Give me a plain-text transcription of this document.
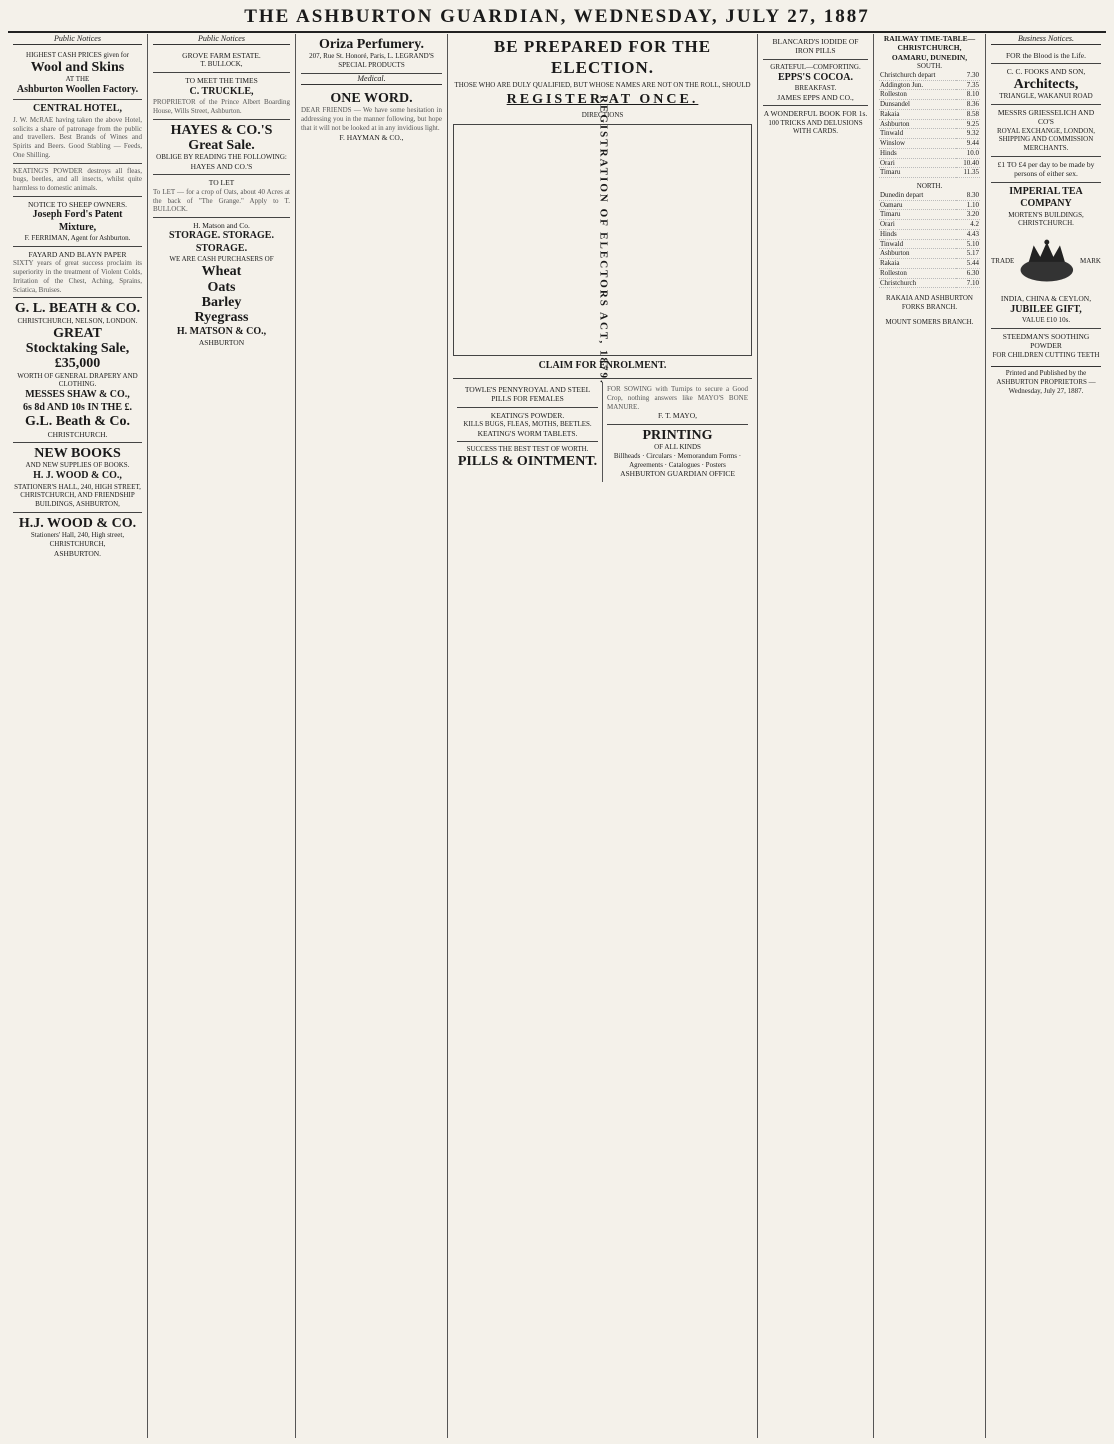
THE ASHBURTON GUARDIAN, WEDNESDAY, JULY 27, 1887
Public Notices
HIGHEST CASH PRICES given for
Wool and Skins
AT THE
Ashburton Woollen Factory.
CENTRAL HOTEL,
J. W. McRAE having taken the above Hotel, solicits a share of patronage from the public and travellers. Best Brands of Wines and Spirits and Beers. Good Stabling — Feeds, One Shilling.
KEATING'S POWDER destroys all fleas, bugs, beetles, and all insects, whilst quite harmless to domestic animals.
NOTICE TO SHEEP OWNERS.
Joseph Ford's Patent Mixture,
F. FERRIMAN, Agent for Ashburton.
FAYARD AND BLAYN PAPER
SIXTY years of great success proclaim its superiority in the treatment of Violent Colds, Irritation of the Chest, Aching, Sprains, Sciatica, Bruises.
G. L. BEATH & CO.
CHRISTCHURCH, NELSON, LONDON.
GREAT
Stocktaking Sale,
£35,000
WORTH OF GENERAL DRAPERY AND CLOTHING.
MESSES SHAW & CO.,
6s 8d AND 10s IN THE £.
G.L. Beath & Co.
CHRISTCHURCH.
NEW BOOKS
AND NEW SUPPLIES OF BOOKS.
H. J. WOOD & CO.,
STATIONER'S HALL, 240, HIGH STREET, CHRISTCHURCH, AND FRIENDSHIP BUILDINGS, ASHBURTON,
H.J. WOOD & CO.
Stationers' Hall, 240, High street, CHRISTCHURCH,
ASHBURTON.
Public Notices
GROVE FARM ESTATE.
T. BULLOCK,
TO MEET THE TIMES
C. TRUCKLE,
PROPRIETOR of the Prince Albert Boarding House, Wills Street, Ashburton.
HAYES & CO.'S
Great Sale.
OBLIGE BY READING THE FOLLOWING:
HAYES AND CO.'S
TO LET
To LET — for a crop of Oats, about 40 Acres at the back of "The Grange." Apply to T. BULLOCK.
H. Matson and Co.
STORAGE. STORAGE.
STORAGE.
WE ARE CASH PURCHASERS OF
Wheat
Oats
Barley
Ryegrass
H. MATSON & CO.,
ASHBURTON
Oriza Perfumery.
207, Rue St. Honoré, Paris, L. LEGRAND'S SPECIAL PRODUCTS
Medical.
ONE WORD.
DEAR FRIENDS — We have some hesitation in addressing you in the manner following, but hope that it will not be looked at in any invidious light.
F. HAYMAN & CO.,
BE PREPARED FOR THE ELECTION.
THOSE WHO ARE DULY QUALIFIED, BUT WHOSE NAMES ARE NOT ON THE ROLL, SHOULD
REGISTER AT ONCE.
DIRECTIONS
REGISTRATION OF ELECTORS ACT, 1879.
CLAIM FOR ENROLMENT.
TOWLE'S PENNYROYAL AND STEEL PILLS FOR FEMALES
KEATING'S POWDER.
KILLS BUGS, FLEAS, MOTHS, BEETLES.
KEATING'S WORM TABLETS.
SUCCESS THE BEST TEST OF WORTH.
PILLS & OINTMENT.
FOR SOWING with Turnips to secure a Good Crop, nothing answers like MAYO'S BONE MANURE.
F. T. MAYO,
PRINTING
OF ALL KINDS
Billheads · Circulars · Memorandum Forms · Agreements · Catalogues · Posters
ASHBURTON GUARDIAN OFFICE
BLANCARD'S IODIDE OF IRON PILLS
GRATEFUL—COMFORTING.
EPPS'S COCOA.
BREAKFAST.
JAMES EPPS AND CO.,
A WONDERFUL BOOK FOR 1s.
100 TRICKS AND DELUSIONS WITH CARDS.
RAILWAY TIME-TABLE—CHRISTCHURCH, OAMARU, DUNEDIN,
SOUTH.
Christchurch depart	7.30
Addington Jun.	7.35
Rolleston	8.10
Dunsandel	8.36
Rakaia	8.58
Ashburton	9.25
Tinwald	9.32
Winslow	9.44
Hinds	10.0
Orari	10.40
Timaru	11.35
NORTH.
Dunedin depart	8.30
Oamaru	1.10
Timaru	3.20
Orari	4.2
Hinds	4.43
Tinwald	5.10
Ashburton	5.17
Rakaia	5.44
Rolleston	6.30
Christchurch	7.10
RAKAIA AND ASHBURTON FORKS BRANCH.
MOUNT SOMERS BRANCH.
Business Notices.
FOR the Blood is the Life.
C. C. FOOKS AND SON,
Architects,
TRIANGLE, WAKANUI ROAD
MESSRS GRIESSELICH AND CO'S
ROYAL EXCHANGE, LONDON, SHIPPING AND COMMISSION MERCHANTS.
£1 TO £4 per day to be made by persons of either sex.
IMPERIAL TEA COMPANY
MORTEN'S BUILDINGS,
CHRISTCHURCH.
TRADE	MARK
INDIA, CHINA & CEYLON,
JUBILEE GIFT,
VALUE £10 10s.
STEEDMAN'S SOOTHING POWDER
FOR CHILDREN CUTTING TEETH
Printed and Published by the ASHBURTON PROPRIETORS — Wednesday, July 27, 1887.
